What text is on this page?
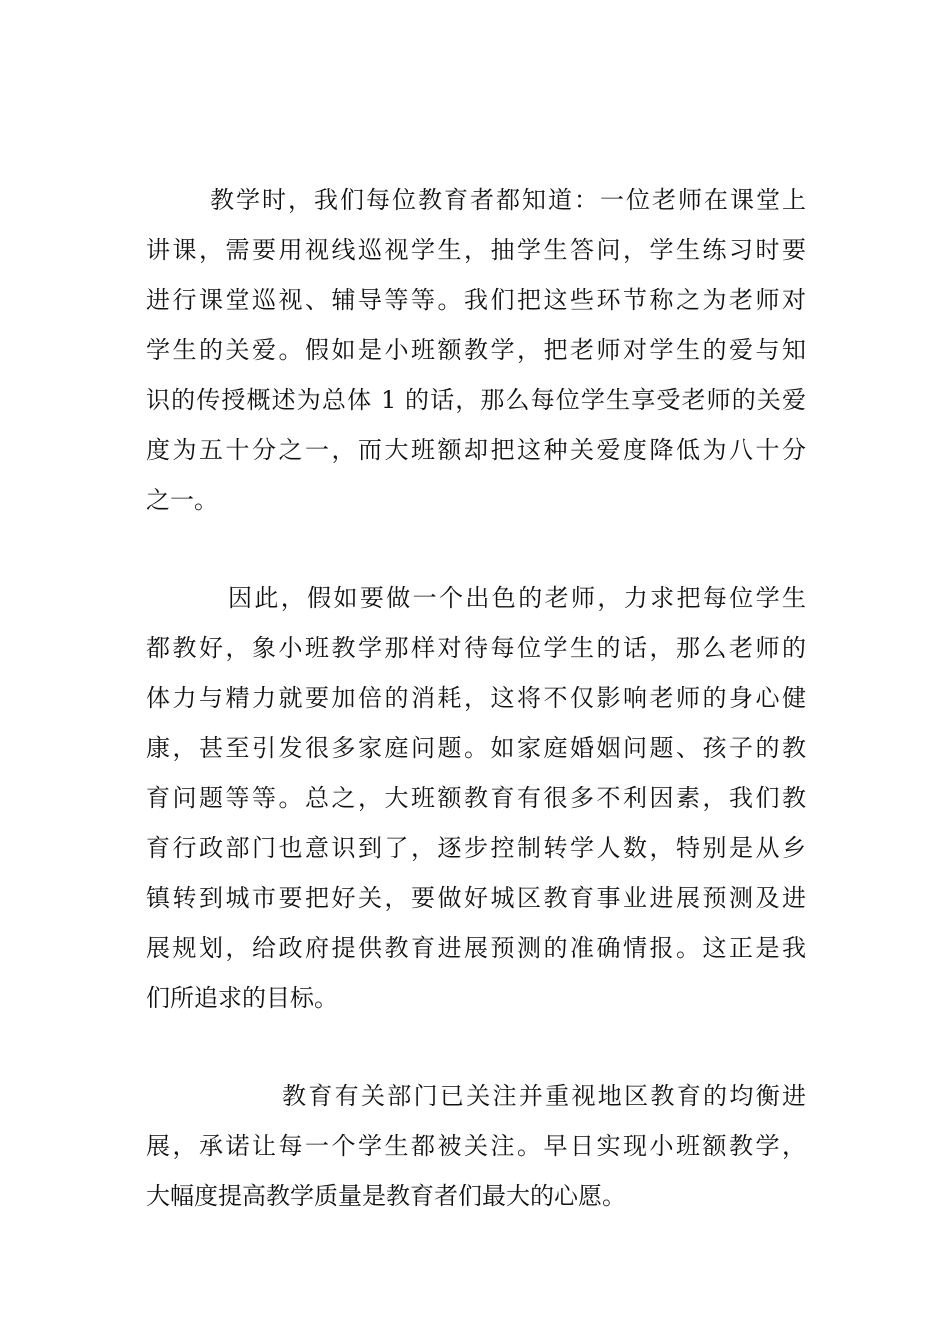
教学时，我们每位教育者都知道：一位老师在课堂上
讲课，需要用视线巡视学生，抽学生答问，学生练习时要
进行课堂巡视、辅导等等。我们把这些环节称之为老师对
学生的关爱。假如是小班额教学，把老师对学生的爱与知
识的传授概述为总体 1 的话，那么每位学生享受老师的关爱
度为五十分之一，而大班额却把这种关爱度降低为八十分
之一。
因此，假如要做一个出色的老师，力求把每位学生
都教好，象小班教学那样对待每位学生的话，那么老师的
体力与精力就要加倍的消耗，这将不仅影响老师的身心健
康，甚至引发很多家庭问题。如家庭婚姻问题、孩子的教
育问题等等。总之，大班额教育有很多不利因素，我们教
育行政部门也意识到了，逐步控制转学人数，特别是从乡
镇转到城市要把好关，要做好城区教育事业进展预测及进
展规划，给政府提供教育进展预测的准确情报。这正是我
们所追求的目标。
教育有关部门已关注并重视地区教育的均衡进
展，承诺让每一个学生都被关注。早日实现小班额教学，
大幅度提高教学质量是教育者们最大的心愿。
